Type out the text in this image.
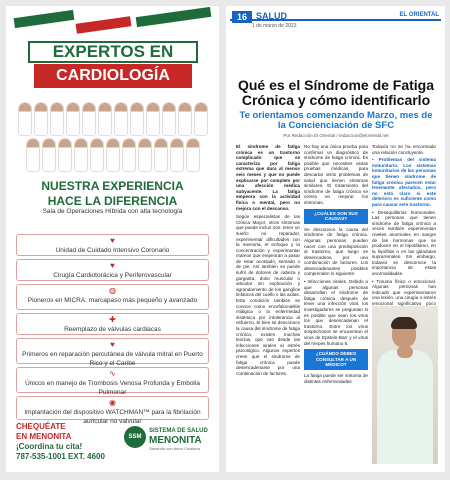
EXPERTOS EN
CARDIOLOGÍA
NUESTRA EXPERIENCIA
HACE LA DIFERENCIA
Sala de Operaciones Híbrida con alta tecnología
♥
Unidad de Cuidado Intensivo Coronario
♥
Cirugía Cardiotorácica y Periferovascular
◍
Pioneros en MICRA: marcapaso más pequeño y avanzado
✚
Reemplazo de válvulas cardiacas
♥
Primeros en reparación percutánea de válvula mitral en Puerto Rico y el Caribe
∿
Únicos en manejo de Trombosis Venosa Profunda y Embolia Pulmonar
◉
Implantación del dispositivo WATCHMAN™ para la fibrilación auricular no valvular
CHEQUÉATE
EN MENONITA
¡Coordina tu cita!
787-535-1001 EXT. 4600
SSM
SISTEMA DE SALUD
MENONITA
Sanando con Amor Cristiano
16	SALUD	EL ORIENTAL
1 de marzo de 2023
Qué es el Síndrome de Fatiga Crónica y cómo identificarlo
Te orientamos comenzando Marzo, mes de la Concienciación de SFC
Por Redacción El Oriental / redaccion@eloriental.net

El síndrome de fatiga crónica es un trastorno complicado que se caracteriza por fatiga extrema que dura al menos seis meses y que no puede explicarse por completo por una afección médica subyacente. La fatiga empeora con la actividad física o mental, pero no mejora con el descanso.

Según especialistas de las Clínica Mayor, otros síntomas que puede incluir son: tener un sueño no reparador, experimentar dificultades con la memoria, el enfoque y la concentración y experimentar mareos que empeoran a pasar de estar acostado, sentado o de pie. Así también se puede sufrir de dolores de cabeza y garganta, dolor muscular o articular sin explicación y agrandamiento de los ganglios linfáticos del cuello o las axilas. Esta condición también se conoce como encefalomielitis miálgica o la enfermedad sistémica por intolerancia al esfuerzo. Si bien se desconoce la causa del síndrome de fatiga crónica, existen muchas teorías, que van desde las infecciones virales al estrés psicológico. Algunos expertos creen que el síndrome de fatiga crónica puede desencadenarse por una combinación de factores.

No hay una única prueba para confirmar un diagnóstico de síndrome de fatiga crónica. Es posible que necesites varias pruebas médicas para descartar otros problemas de salud que tienen síntomas similares. El tratamiento del síndrome de fatiga crónica se centra en mejorar los síntomas.

¿CUÁLES SON SUS CAUSAS?

Se desconoce la causa del síndrome de fatiga crónica. Algunas personas pueden nacer con una predisposición al trastorno, que luego se desencadena por una combinación de factores. Los desencadenantes posibles comprenden lo siguiente:

• Infecciones virales. Debido a que algunas personas desarrollan el síndrome de fatiga crónica después de tener una infección viral, los investigadores se preguntan si es posible que sean los virus los que desencadenan el trastorno. Entre los virus sospechosos se encuentran el virus de Epstein-Barr y el virus del herpes humano 6.

¿CUÁNDO DEBES CONSULTAR A UN MÉDICO?

La fatiga puede ser síntoma de distintas enfermedades.

Todavía no se ha encontrado una relación concluyente.

• Problemas del sistema inmunitario. Los sistemas inmunitarios de las personas que tienen síndrome de fatiga crónica parecen estar levemente afectados, pero no está claro si este deterioro es suficiente como para causar este trastorno.

• Desequilibrios hormonales. Las personas que tienen síndrome de fatiga crónica a veces también experimentan niveles anormales en sangre de las hormonas que se producen en el hipotálamo, en la hipófisis o en las glándulas suprarrenales. Sin embargo, todavía se desconoce la importancia de estas anormalidades.

• Trauma físico o emocional. Algunas personas han indicado que experimentaron una lesión, una cirugía o estrés emocional significativo poco
